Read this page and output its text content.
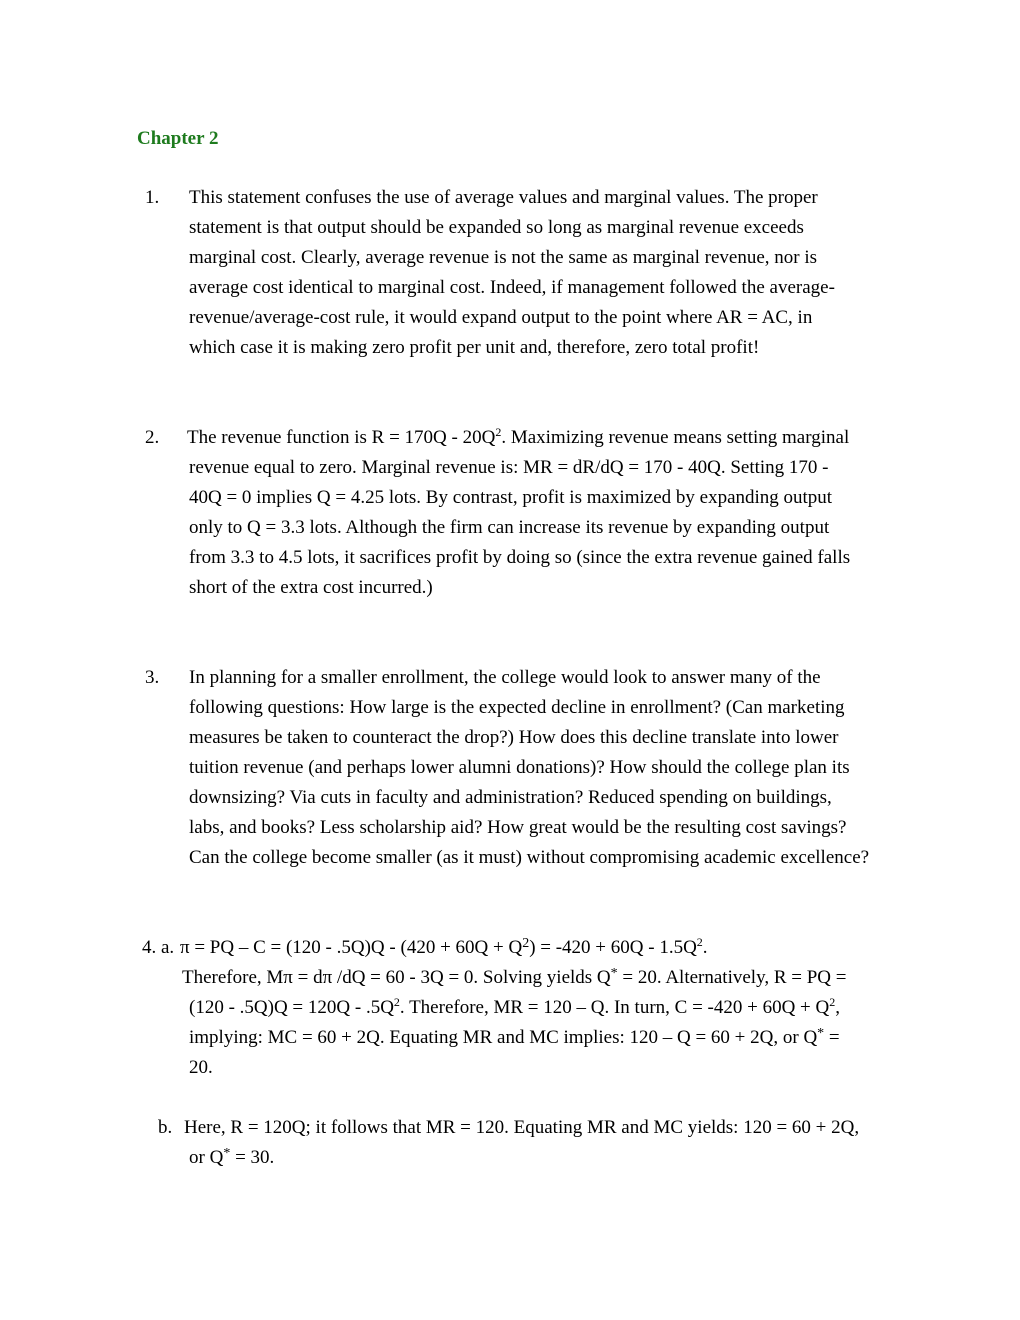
Chapter 2
1. This statement confuses the use of average values and marginal values. The proper
statement is that output should be expanded so long as marginal revenue exceeds
marginal cost. Clearly, average revenue is not the same as marginal revenue, nor is
average cost identical to marginal cost. Indeed, if management followed the average-
revenue/average-cost rule, it would expand output to the point where AR = AC, in
which case it is making zero profit per unit and, therefore, zero total profit!
2. The revenue function is $R = 170Q - 20Q^2$. Maximizing revenue means setting marginal
revenue equal to zero. Marginal revenue is: MR = dR/dQ = 170 - 40Q. Setting 170 -
40Q = 0 implies Q = 4.25 lots. By contrast, profit is maximized by expanding output
only to Q = 3.3 lots. Although the firm can increase its revenue by expanding output
from 3.3 to 4.5 lots, it sacrifices profit by doing so (since the extra revenue gained falls
short of the extra cost incurred.)
3. In planning for a smaller enrollment, the college would look to answer many of the
following questions: How large is the expected decline in enrollment? (Can marketing
measures be taken to counteract the drop?) How does this decline translate into lower
tuition revenue (and perhaps lower alumni donations)? How should the college plan its
downsizing? Via cuts in faculty and administration? Reduced spending on buildings,
labs, and books? Less scholarship aid? How great would be the resulting cost savings?
Can the college become smaller (as it must) without compromising academic excellence?
4. a. π = PQ – $C = (120 - .5Q)Q - (420 + 60Q + Q^2) = -420 + 60Q - 1.5Q^2$.
Therefore, Mπ = dπ /dQ = 60 - 3Q = 0. Solving yields Q* = 20. Alternatively, R = PQ =
$(120 - .5Q)Q = 120Q - .5Q^2$. Therefore, MR = 120 – Q. In turn, $C = -420 + 60Q + Q^2$,
implying: MC = 60 + 2Q. Equating MR and MC implies: 120 – Q = 60 + 2Q, or Q* =
20.
b. Here, R = 120Q; it follows that MR = 120. Equating MR and MC yields: 120 = 60 + 2Q,
or Q* = 30.
